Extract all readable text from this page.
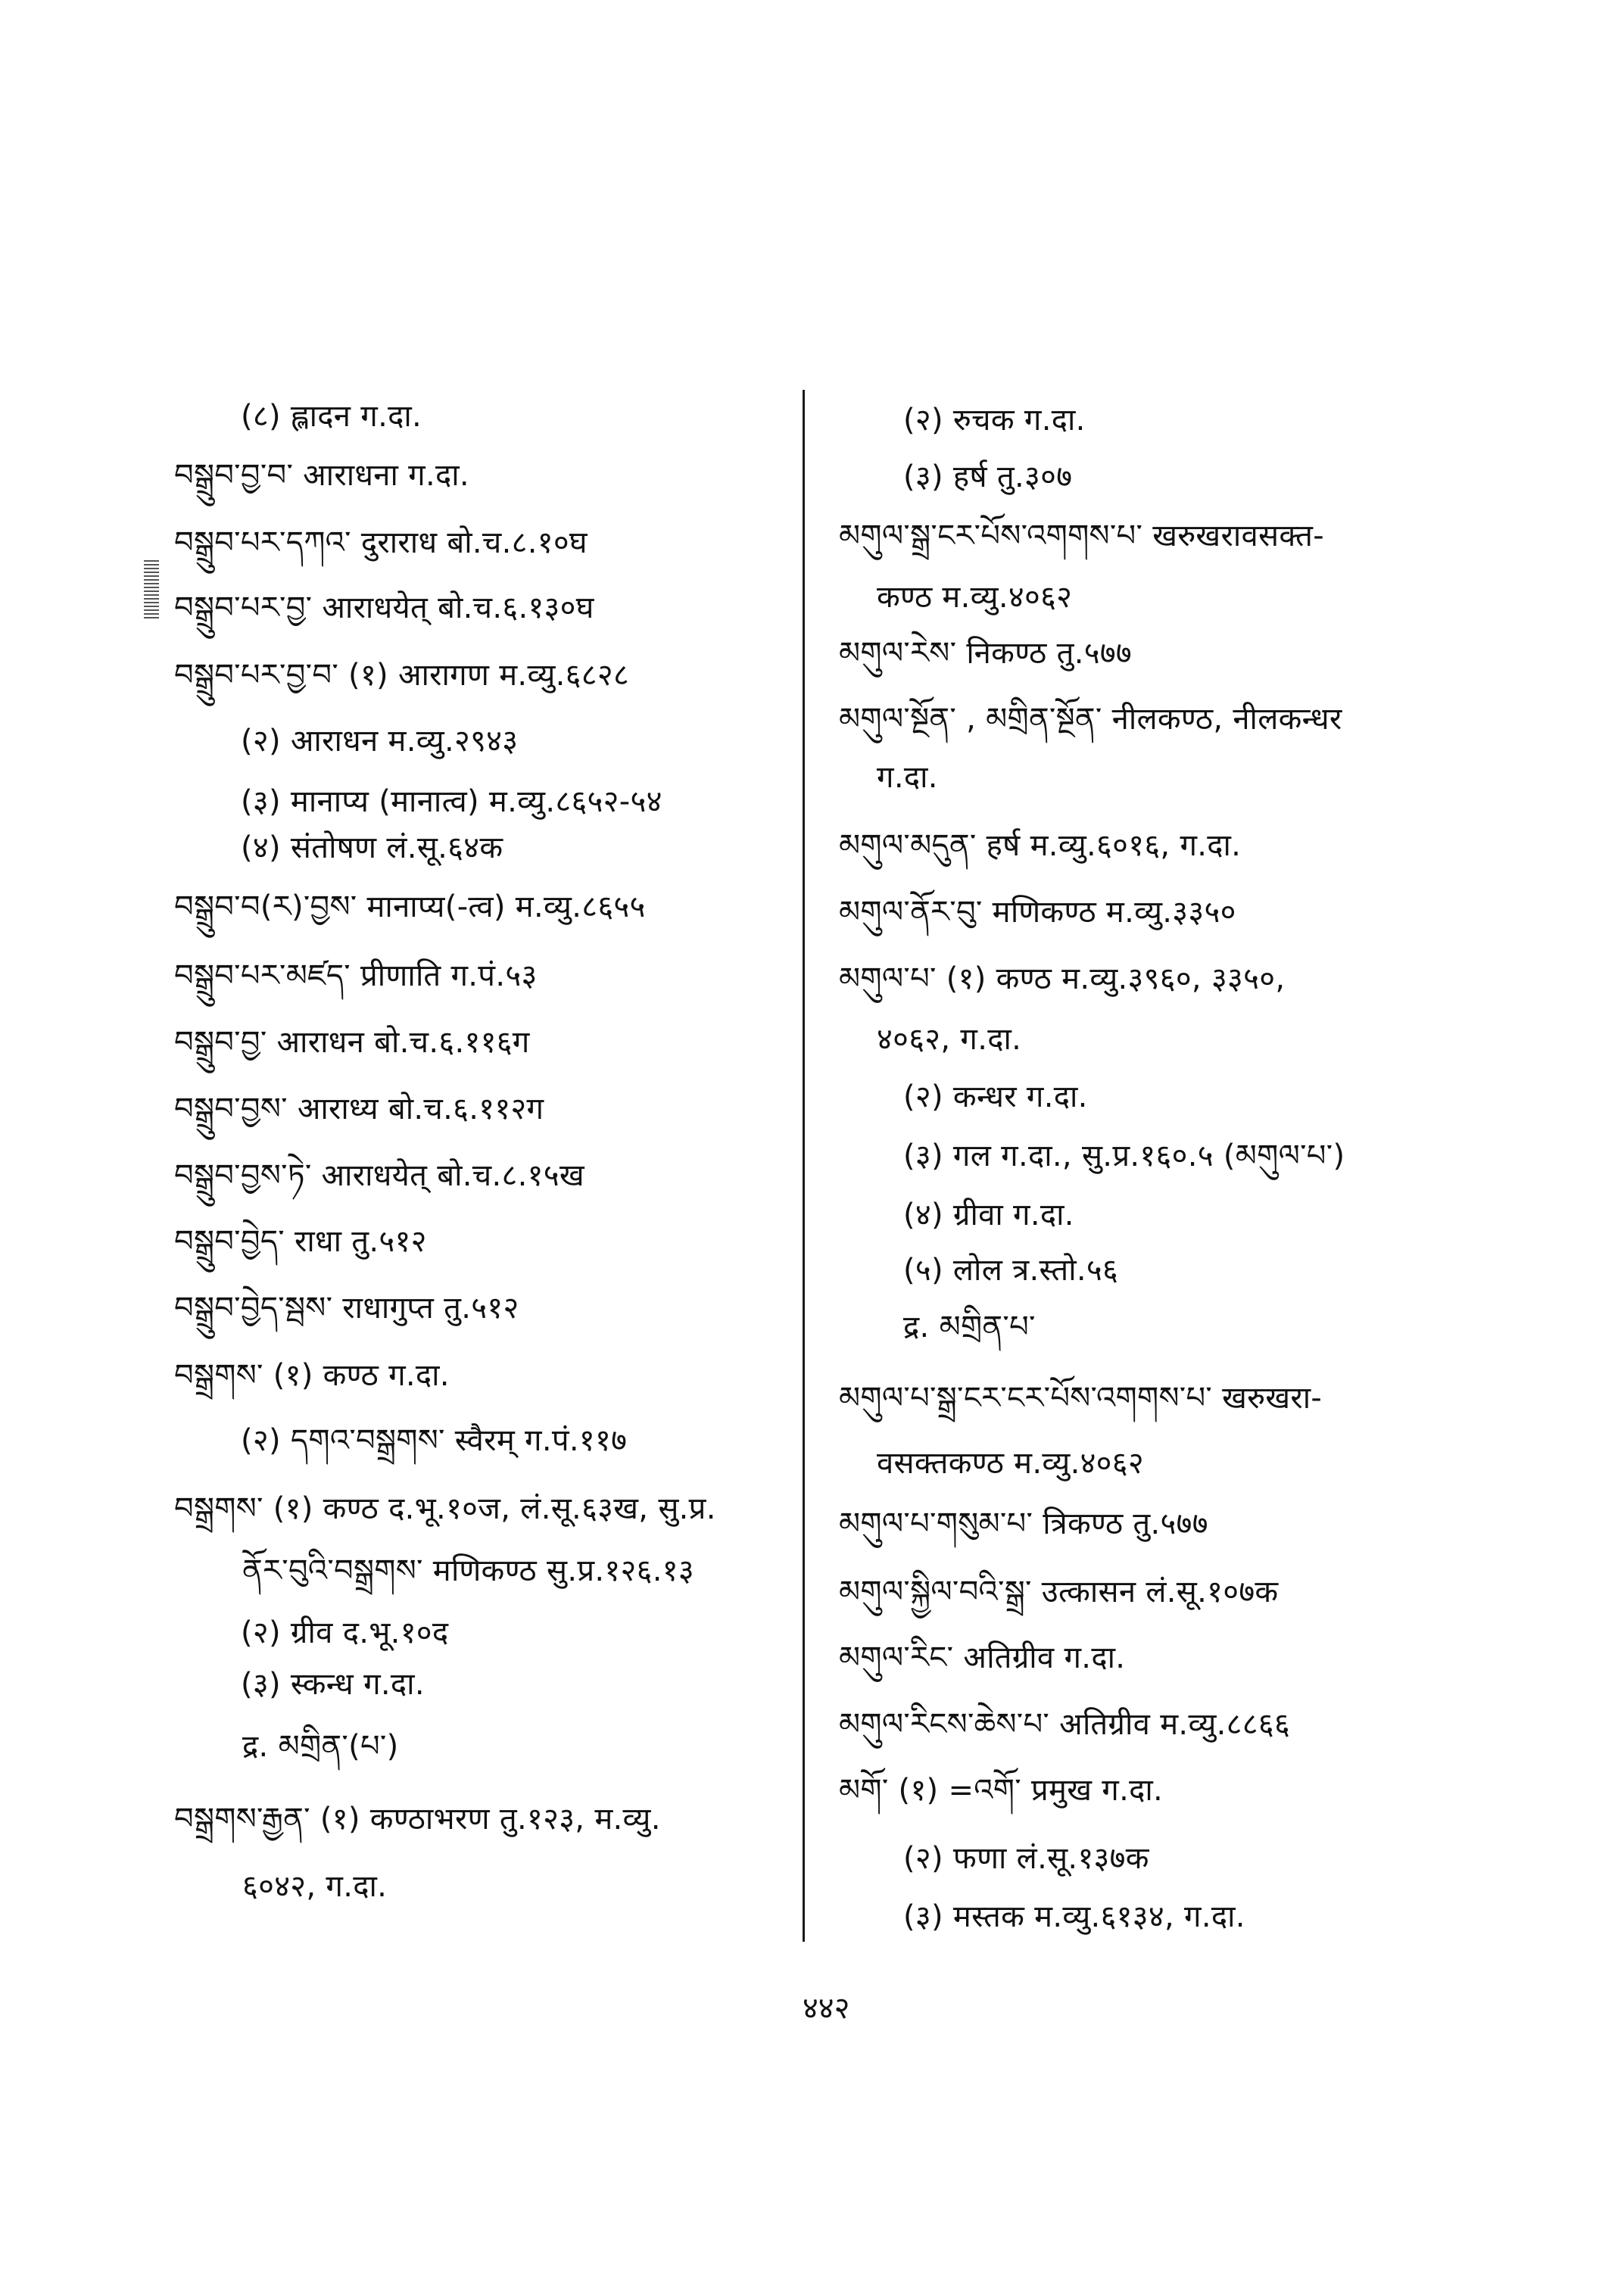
(८) ह्लादन ग.दा.
བསྒྲུབ་བྱ་བ་ आराधना ग.दा.
བསྒྲུབ་པར་དཀའ་ दुराराध बो.च.८.१०घ
བསྒྲུབ་པར་བྱ་ आराधयेत् बो.च.६.१३०घ
བསྒྲུབ་པར་བྱ་བ་ (१) आरागण म.व्यु.६८२८
(२) आराधन म.व्यु.२९४३
(३) मानाप्य (मानात्व) म.व्यु.८६५२-५४
(४) संतोषण लं.सू.६४क
བསྒྲུབ་བ(ར)་བྱས་ मानाप्य(-त्व) म.व्यु.८६५५
བསྒྲུབ་པར་མཛད་ प्रीणाति ग.पं.५३
བསྒྲུབ་བྱ་ आराधन बो.च.६.११६ग
བསྒྲུབ་བྱས་ आराध्य बो.च.६.११२ग
བསྒྲུབ་བྱས་ཏེ་ आराधयेत् बो.च.८.१५ख
བསྒྲུབ་བྱེད་ राधा तु.५१२
བསྒྲུབ་བྱེད་སྦས་ राधागुप्त तु.५१२
བསྒྲགས་ (१) कण्ठ ग.दा.
(२) དགའ་བསྒྲགས་ स्वैरम् ग.पं.११७
བསྒྲགས་ (१) कण्ठ द.भू.१०ज, लं.सू.६३ख, सु.प्र.
ནོར་བུའི་བསྒྲགས་ मणिकण्ठ सु.प्र.१२६.१३
(२) ग्रीव द.भू.१०द
(३) स्कन्ध ग.दा.
द्र. མགྲིན་(པ་)
བསྒྲགས་རྒྱན་ (१) कण्ठाभरण तु.१२३, म.व्यु.
६०४२, ग.दा.
(२) रुचक ग.दा.
(३) हर्ष तु.३०७
མགུལ་སྒྲ་ངར་པོས་འགགས་པ་ खरुखरावसक्त-
कण्ठ म.व्यु.४०६२
མགུལ་རེས་ निकण्ठ तु.५७७
མགུལ་སྔོན་ , མགྲིན་སྔོན་ नीलकण्ठ, नीलकन्धर
ग.दा.
མགུལ་མདུན་ हर्ष म.व्यु.६०१६, ग.दा.
མགུལ་ནོར་བུ་ मणिकण्ठ म.व्यु.३३५०
མགུལ་པ་ (१) कण्ठ म.व्यु.३९६०, ३३५०,
४०६२, ग.दा.
(२) कन्धर ग.दा.
(३) गल ग.दा., सु.प्र.१६०.५ (མགུལ་པ་)
(४) ग्रीवा ग.दा.
(५) लोल त्र.स्तो.५६
द्र. མགྲིན་པ་
མགུལ་པ་སྒྲ་ངར་ངར་པོས་འགགས་པ་ खरुखरा-
वसक्तकण्ठ म.व्यु.४०६२
མགུལ་པ་གསུམ་པ་ त्रिकण्ठ तु.५७७
མགུལ་སྐྱིལ་བའི་སྒྲ་ उत्कासन लं.सू.१०७क
མགུལ་རིང་ अतिग्रीव ग.दा.
མགུལ་རིངས་ཆེས་པ་ अतिग्रीव म.व्यु.८८६६
མགོ་ (१) =འགོ་ प्रमुख ग.दा.
(२) फणा लं.सू.१३७क
(३) मस्तक म.व्यु.६१३४, ग.दा.
४४२
